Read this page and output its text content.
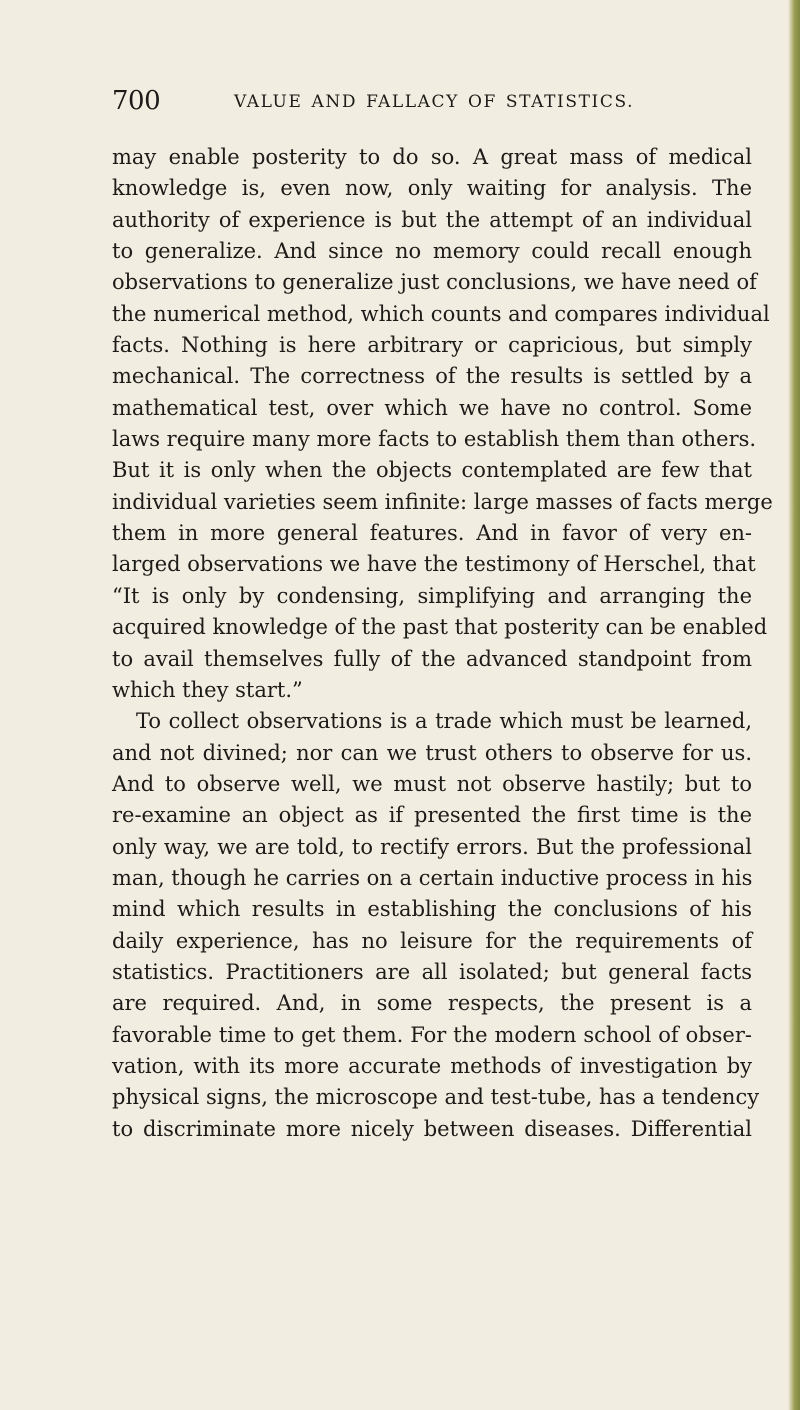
700	VALUE AND FALLACY OF STATISTICS.
may enable posterity to do so. A great mass of medical
knowledge is, even now, only waiting for analysis. The
authority of experience is but the attempt of an individual
to generalize. And since no memory could recall enough
observations to generalize just conclusions, we have need of
the numerical method, which counts and compares individual
facts. Nothing is here arbitrary or capricious, but simply
mechanical. The correctness of the results is settled by a
mathematical test, over which we have no control. Some
laws require many more facts to establish them than others.
But it is only when the objects contemplated are few that
individual varieties seem infinite: large masses of facts merge
them in more general features. And in favor of very en-
larged observations we have the testimony of Herschel, that
“It is only by condensing, simplifying and arranging the
acquired knowledge of the past that posterity can be enabled
to avail themselves fully of the advanced standpoint from
which they start.”
To collect observations is a trade which must be learned,
and not divined; nor can we trust others to observe for us.
And to observe well, we must not observe hastily; but to
re-examine an object as if presented the first time is the
only way, we are told, to rectify errors. But the professional
man, though he carries on a certain inductive process in his
mind which results in establishing the conclusions of his
daily experience, has no leisure for the requirements of
statistics. Practitioners are all isolated; but general facts
are required. And, in some respects, the present is a
favorable time to get them. For the modern school of obser-
vation, with its more accurate methods of investigation by
physical signs, the microscope and test-tube, has a tendency
to discriminate more nicely between diseases. Differential
